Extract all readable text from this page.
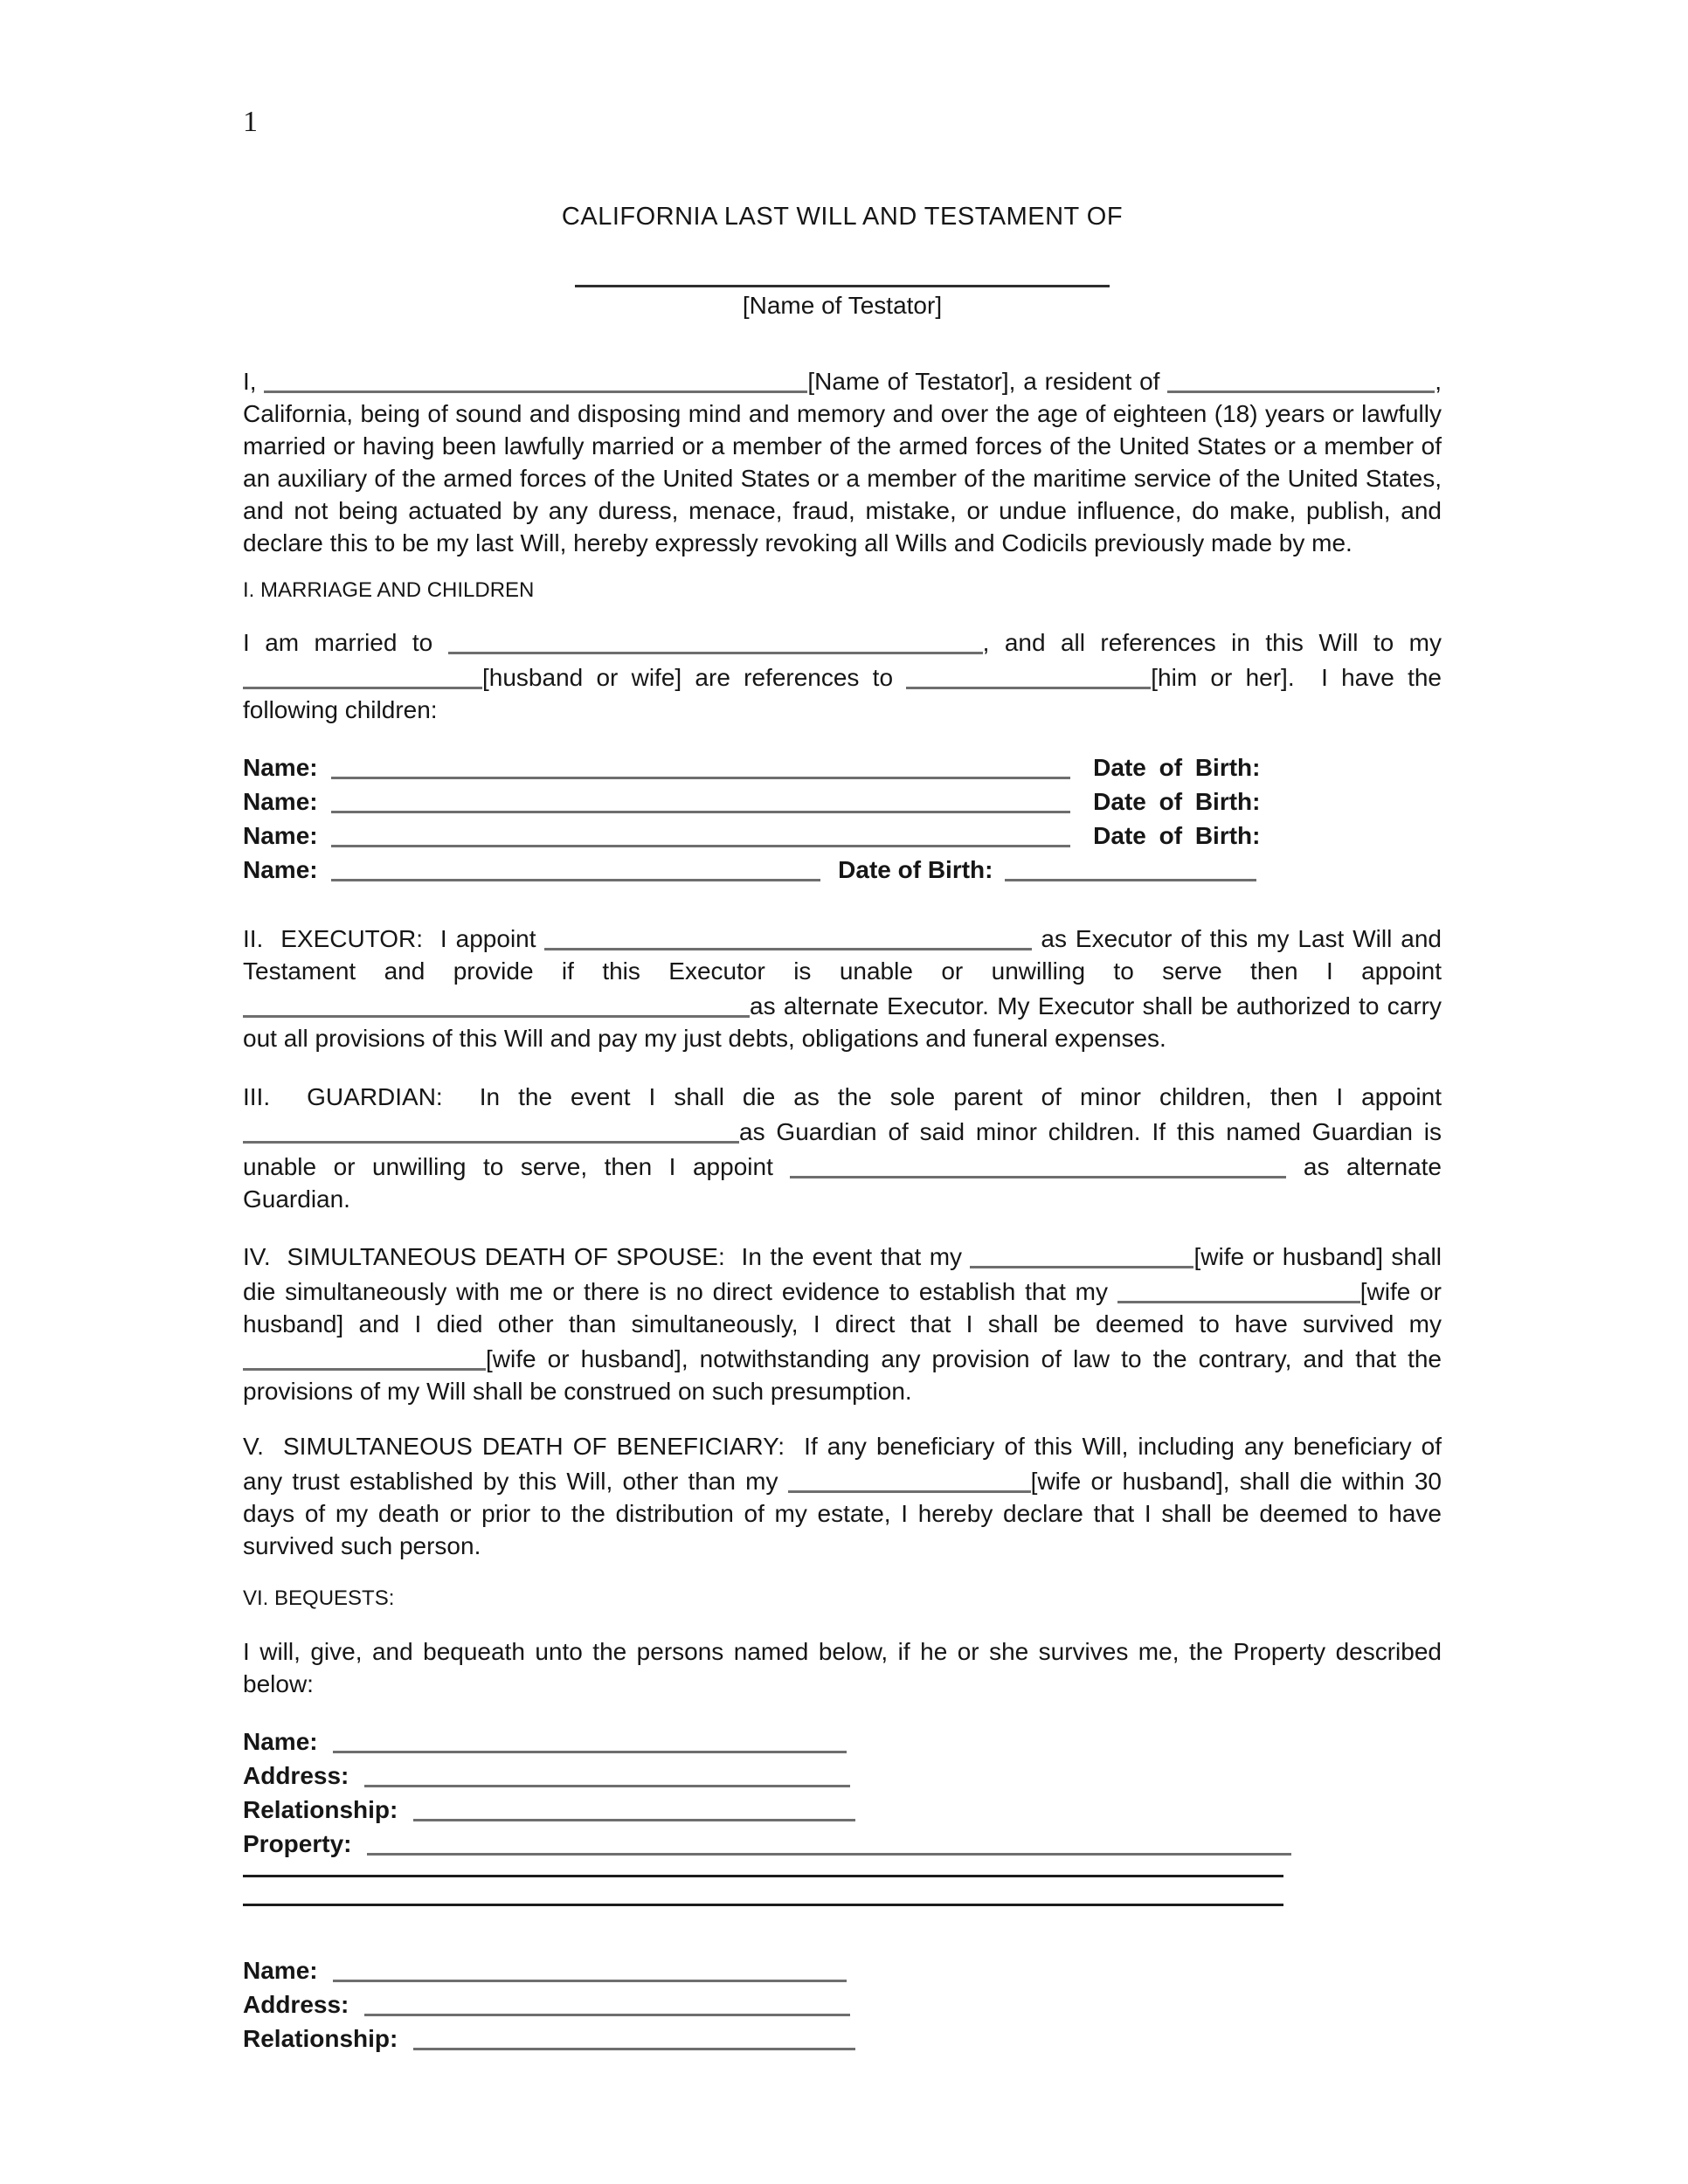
1

CALIFORNIA LAST WILL AND TESTAMENT OF

[Name of Testator]

I,	[Name of Testator], a resident of	, California, being of sound and disposing mind and memory and over the age of eighteen (18) years or lawfully married or having been lawfully married or a member of the armed forces of the United States or a member of an auxiliary of the armed forces of the United States or a member of the maritime service of the United States, and not being actuated by any duress, menace, fraud, mistake, or undue influence, do make, publish, and declare this to be my last Will, hereby expressly revoking all Wills and Codicils previously made by me.

I. MARRIAGE AND CHILDREN

I am married to	, and all references in this Will to my [husband or wife] are references to	[him or her].  I have the following children:

Name:	Date of Birth:
Name:	Date of Birth:
Name:	Date of Birth:
Name:	Date of Birth:

II.  EXECUTOR:  I appoint	as Executor of this my Last Will and Testament and provide if this Executor is unable or unwilling to serve then I appoint as alternate Executor. My Executor shall be authorized to carry out all provisions of this Will and pay my just debts, obligations and funeral expenses.

III.  GUARDIAN:  In the event I shall die as the sole parent of minor children, then I appoint as Guardian of said minor children. If this named Guardian is unable or unwilling to serve, then I appoint	as alternate Guardian.

IV.  SIMULTANEOUS DEATH OF SPOUSE:  In the event that my	[wife or husband] shall die simultaneously with me or there is no direct evidence to establish that my	[wife or husband] and I died other than simultaneously, I direct that I shall be deemed to have survived my [wife or husband], notwithstanding any provision of law to the contrary, and that the provisions of my Will shall be construed on such presumption.

V.  SIMULTANEOUS DEATH OF BENEFICIARY:  If any beneficiary of this Will, including any beneficiary of any trust established by this Will, other than my	[wife or husband], shall die within 30 days of my death or prior to the distribution of my estate, I hereby declare that I shall be deemed to have survived such person.

VI. BEQUESTS:

I will, give, and bequeath unto the persons named below, if he or she survives me, the Property described below:

Name:
Address:
Relationship:
Property:
Name:
Address:
Relationship:
